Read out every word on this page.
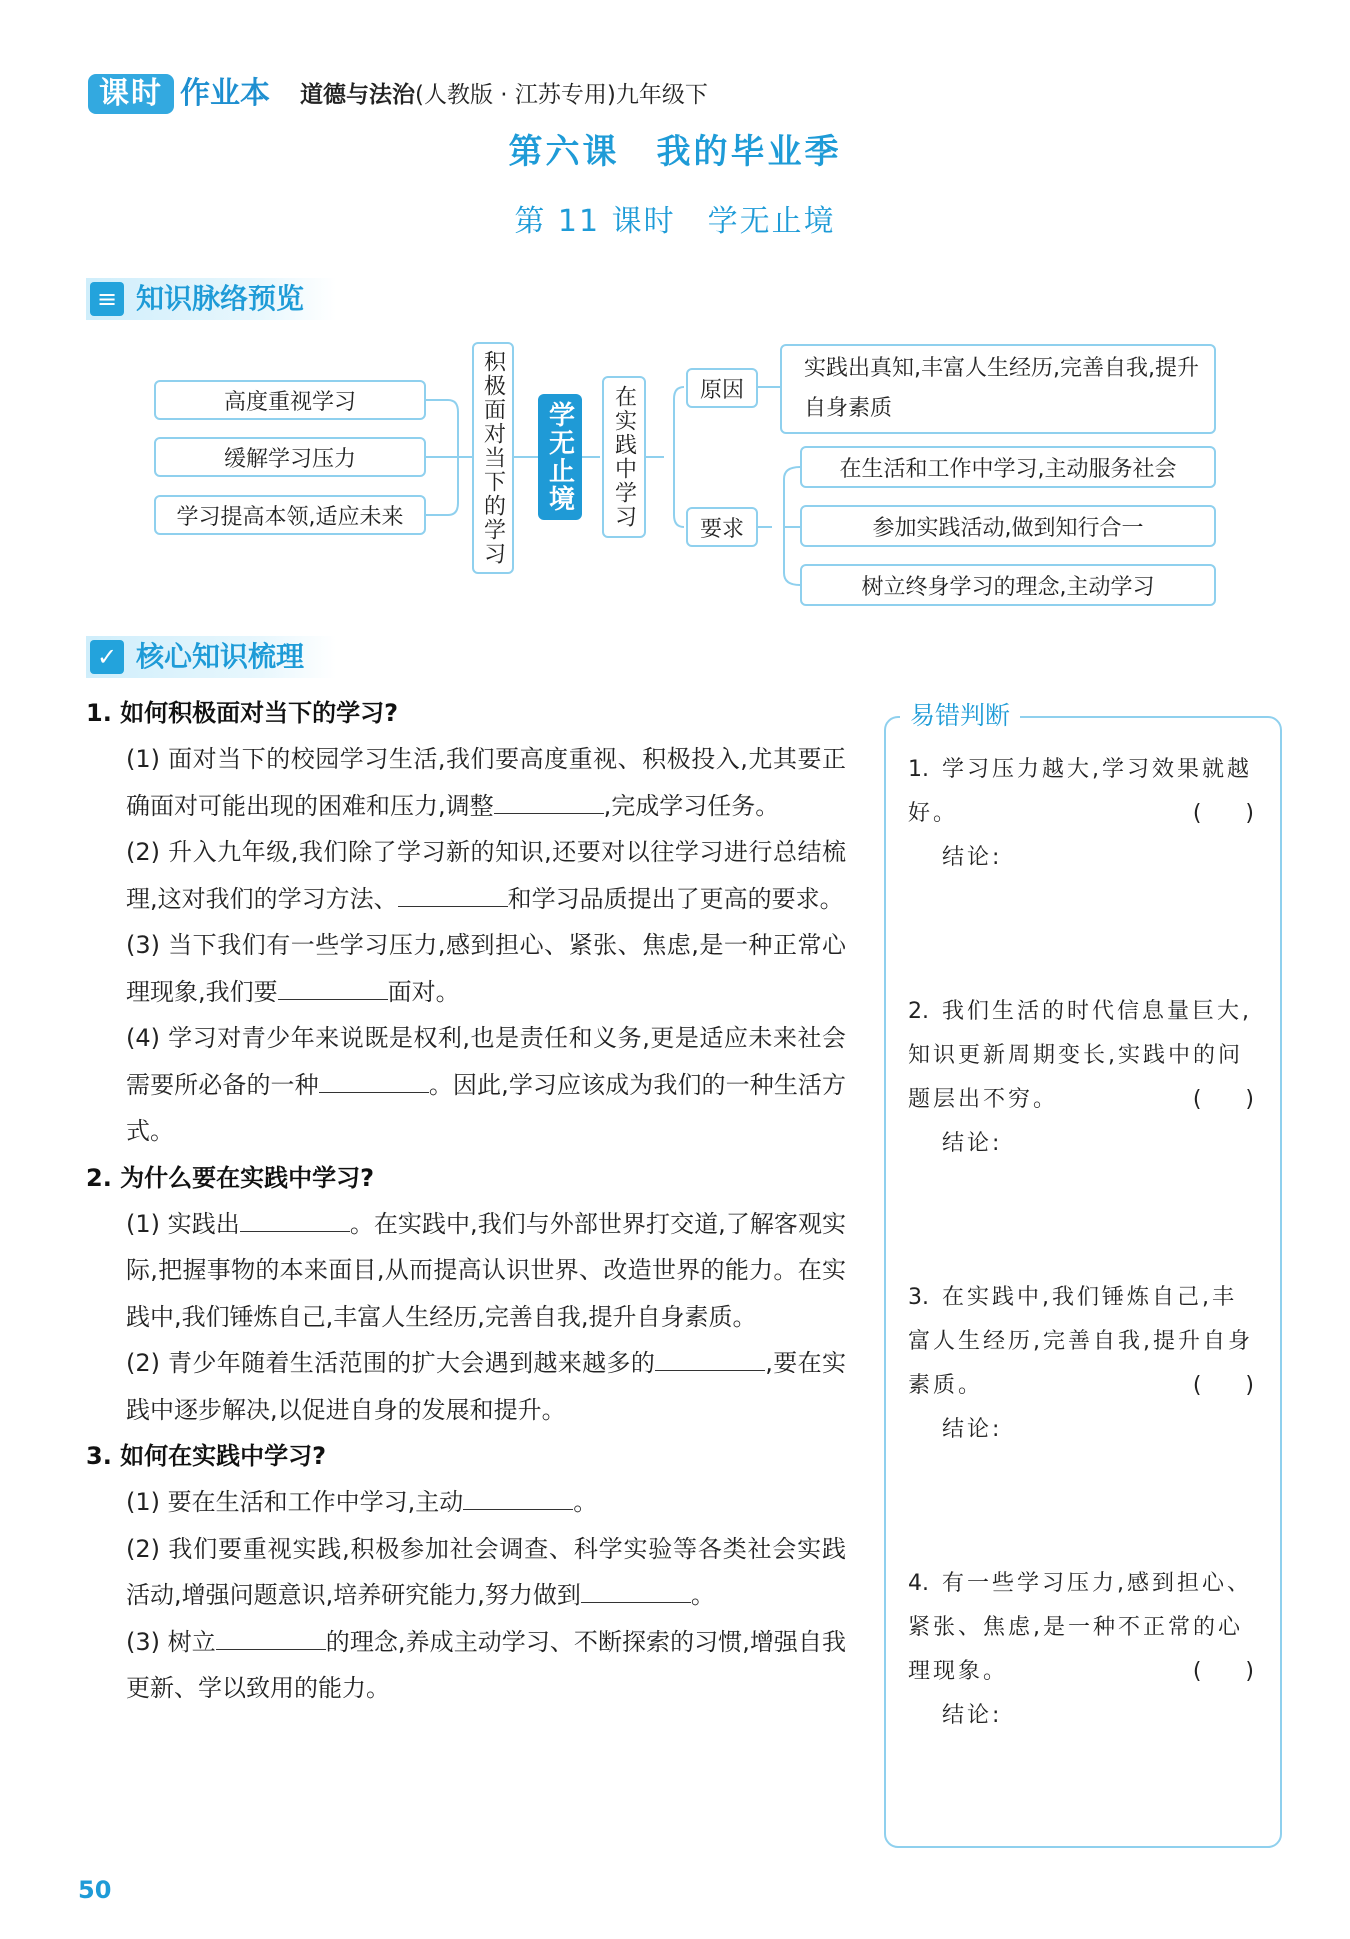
课时 作业本 道德与法治(人教版 · 江苏专用)九年级下
第六课　我的毕业季
第 11 课时　学无止境
≡ 知识脉络预览
高度重视学习
缓解学习压力
学习提高本领,适应未来	积极面对当下的学习	学无止境	在实践中学习	原因
实践出真知,丰富人生经历,完善自我,提升自身素质
要求
在生活和工作中学习,主动服务社会
参加实践活动,做到知行合一
树立终身学习的理念,主动学习
✓ 核心知识梳理
1. 如何积极面对当下的学习?
(1) 面对当下的校园学习生活,我们要高度重视、积极投入,尤其要正确面对可能出现的困难和压力,调整	,完成学习任务。
(2) 升入九年级,我们除了学习新的知识,还要对以往学习进行总结梳理,这对我们的学习方法、	和学习品质提出了更高的要求。
(3) 当下我们有一些学习压力,感到担心、紧张、焦虑,是一种正常心理现象,我们要	面对。
(4) 学习对青少年来说既是权利,也是责任和义务,更是适应未来社会需要所必备的一种	。因此,学习应该成为我们的一种生活方式。
2. 为什么要在实践中学习?
(1) 实践出	。在实践中,我们与外部世界打交道,了解客观实际,把握事物的本来面目,从而提高认识世界、改造世界的能力。在实践中,我们锤炼自己,丰富人生经历,完善自我,提升自身素质。
(2) 青少年随着生活范围的扩大会遇到越来越多的	,要在实践中逐步解决,以促进自身的发展和提升。
3. 如何在实践中学习?
(1) 要在生活和工作中学习,主动	。
(2) 我们要重视实践,积极参加社会调查、科学实验等各类社会实践活动,增强问题意识,培养研究能力,努力做到	。
(3) 树立	的理念,养成主动学习、不断探索的习惯,增强自我更新、学以致用的能力。
易错判断
1. 学习压力越大,学习效果就越好。	(　　)
结论:
2. 我们生活的时代信息量巨大,知识更新周期变长,实践中的问题层出不穷。	(　　)
结论:
3. 在实践中,我们锤炼自己,丰富人生经历,完善自我,提升自身素质。	(　　)
结论:
4. 有一些学习压力,感到担心、紧张、焦虑,是一种不正常的心理现象。	(　　)
结论:
50
